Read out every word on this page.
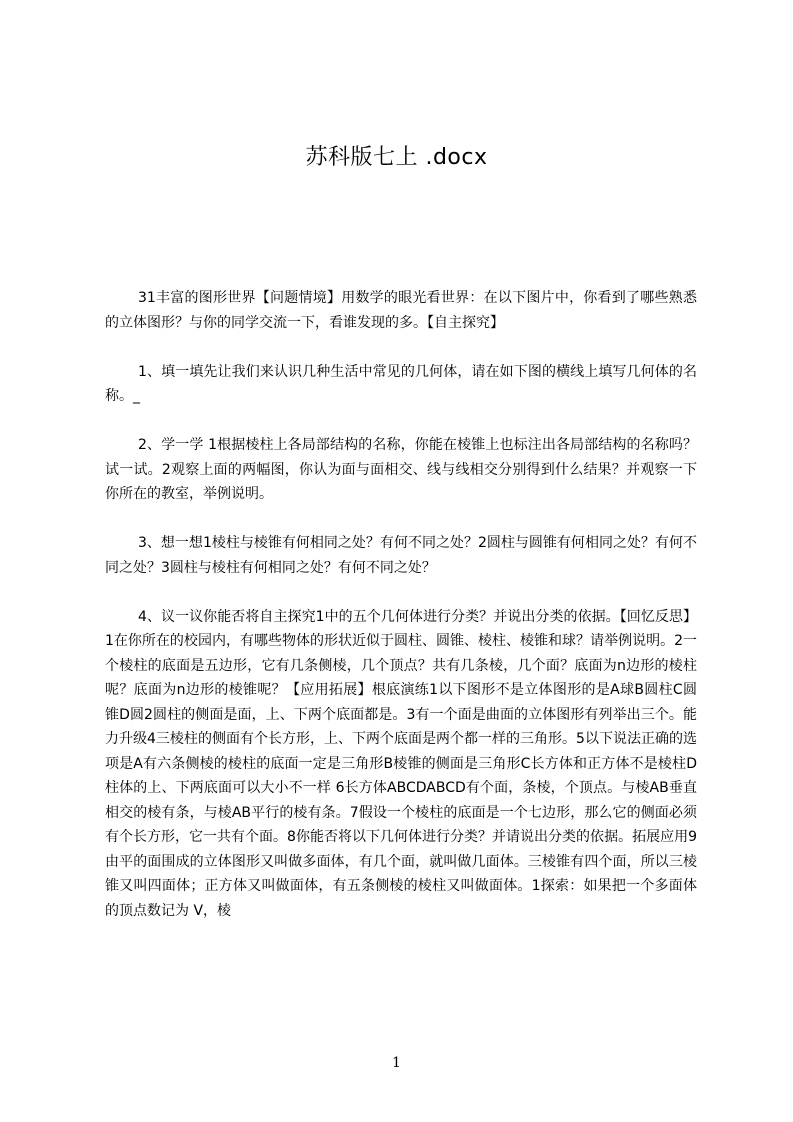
苏科版七上 .docx

31丰富的图形世界【问题情境】用数学的眼光看世界：在以下图片中，你看到了哪些熟悉的立体图形？与你的同学交流一下，看谁发现的多。【自主探究】

1、填一填先让我们来认识几种生活中常见的几何体，请在如下图的横线上填写几何体的名称。_

2、学一学 1根据棱柱上各局部结构的名称，你能在棱锥上也标注出各局部结构的名称吗？试一试。2观察上面的两幅图，你认为面与面相交、线与线相交分别得到什么结果？并观察一下你所在的教室，举例说明。

3、想一想1棱柱与棱锥有何相同之处？有何不同之处？2圆柱与圆锥有何相同之处？有何不同之处？3圆柱与棱柱有何相同之处？有何不同之处？

4、议一议你能否将自主探究1中的五个几何体进行分类？并说出分类的依据。【回忆反思】1在你所在的校园内，有哪些物体的形状近似于圆柱、圆锥、棱柱、棱锥和球？请举例说明。2一个棱柱的底面是五边形，它有几条侧棱，几个顶点？共有几条棱，几个面？底面为n边形的棱柱呢？底面为n边形的棱锥呢？【应用拓展】根底演练1以下图形不是立体图形的是A球B圆柱C圆锥D圆2圆柱的侧面是面，上、下两个底面都是。3有一个面是曲面的立体图形有列举出三个。能力升级4三棱柱的侧面有个长方形，上、下两个底面是两个都一样的三角形。5以下说法正确的选项是A有六条侧棱的棱柱的底面一定是三角形B棱锥的侧面是三角形C长方体和正方体不是棱柱D柱体的上、下两底面可以大小不一样 6长方体ABCDABCD有个面，条棱，个顶点。与棱AB垂直相交的棱有条，与棱AB平行的棱有条。7假设一个棱柱的底面是一个七边形，那么它的侧面必须有个长方形，它一共有个面。8你能否将以下几何体进行分类？并请说出分类的依据。拓展应用9由平的面围成的立体图形又叫做多面体，有几个面，就叫做几面体。三棱锥有四个面，所以三棱锥又叫四面体；正方体又叫做面体，有五条侧棱的棱柱又叫做面体。1探索：如果把一个多面体的顶点数记为 V，棱

1
